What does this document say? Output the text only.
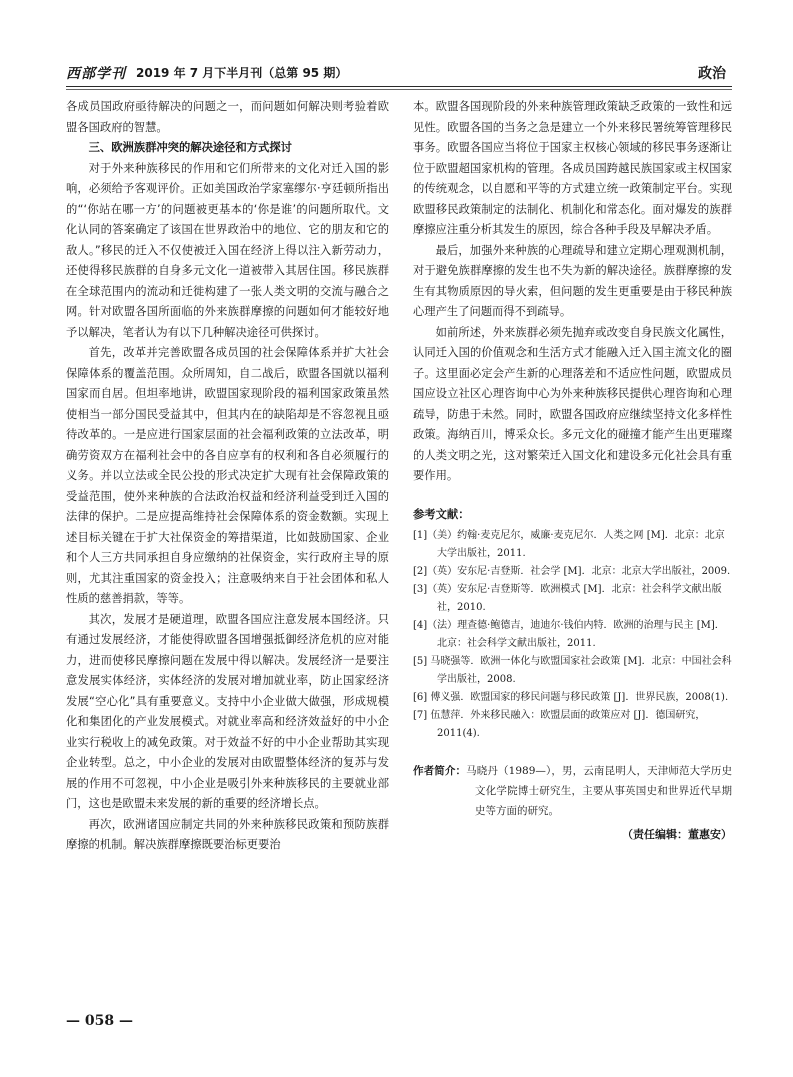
西部学刊 2019 年 7 月下半月刊（总第 95 期）	政治

各成员国政府亟待解决的问题之一，而问题如何解决则考验着欧盟各国政府的智慧。

三、欧洲族群冲突的解决途径和方式探讨

对于外来种族移民的作用和它们所带来的文化对迁入国的影响，必须给予客观评价。正如美国政治学家塞缪尔·亨廷顿所指出的“‘你站在哪一方’的问题被更基本的‘你是谁’的问题所取代。文化认同的答案确定了该国在世界政治中的地位、它的朋友和它的敌人。”移民的迁入不仅使被迁入国在经济上得以注入新劳动力，还使得移民族群的自身多元文化一道被带入其居住国。移民族群在全球范围内的流动和迁徙构建了一张人类文明的交流与融合之网。针对欧盟各国所面临的外来族群摩擦的问题如何才能较好地予以解决，笔者认为有以下几种解决途径可供探讨。

首先，改革并完善欧盟各成员国的社会保障体系并扩大社会保障体系的覆盖范围。众所周知，自二战后，欧盟各国就以福利国家而自居。但坦率地讲，欧盟国家现阶段的福利国家政策虽然使相当一部分国民受益其中，但其内在的缺陷却是不容忽视且亟待改革的。一是应进行国家层面的社会福利政策的立法改革，明确劳资双方在福利社会中的各自应享有的权利和各自必须履行的义务。并以立法或全民公投的形式决定扩大现有社会保障政策的受益范围，使外来种族的合法政治权益和经济利益受到迁入国的法律的保护。二是应提高维持社会保障体系的资金数额。实现上述目标关键在于扩大社保资金的筹措渠道，比如鼓励国家、企业和个人三方共同承担自身应缴纳的社保资金，实行政府主导的原则，尤其注重国家的资金投入；注意吸纳来自于社会团体和私人性质的慈善捐款，等等。

其次，发展才是硬道理，欧盟各国应注意发展本国经济。只有通过发展经济，才能使得欧盟各国增强抵御经济危机的应对能力，进而使移民摩擦问题在发展中得以解决。发展经济一是要注意发展实体经济，实体经济的发展对增加就业率，防止国家经济发展“空心化”具有重要意义。支持中小企业做大做强，形成规模化和集团化的产业发展模式。对就业率高和经济效益好的中小企业实行税收上的减免政策。对于效益不好的中小企业帮助其实现企业转型。总之，中小企业的发展对由欧盟整体经济的复苏与发展的作用不可忽视，中小企业是吸引外来种族移民的主要就业部门，这也是欧盟未来发展的新的重要的经济增长点。

再次，欧洲诸国应制定共同的外来种族移民政策和预防族群摩擦的机制。解决族群摩擦既要治标更要治

本。欧盟各国现阶段的外来种族管理政策缺乏政策的一致性和远见性。欧盟各国的当务之急是建立一个外来移民署统筹管理移民事务。欧盟各国应当将位于国家主权核心领域的移民事务逐渐让位于欧盟超国家机构的管理。各成员国跨越民族国家或主权国家的传统观念，以自愿和平等的方式建立统一政策制定平台。实现欧盟移民政策制定的法制化、机制化和常态化。面对爆发的族群摩擦应注重分析其发生的原因，综合各种手段及早解决矛盾。

最后，加强外来种族的心理疏导和建立定期心理观测机制，对于避免族群摩擦的发生也不失为新的解决途径。族群摩擦的发生有其物质原因的导火索，但问题的发生更重要是由于移民种族心理产生了问题而得不到疏导。

如前所述，外来族群必须先抛弃或改变自身民族文化属性，认同迁入国的价值观念和生活方式才能融入迁入国主流文化的圈子。这里面必定会产生新的心理落差和不适应性问题，欧盟成员国应设立社区心理咨询中心为外来种族移民提供心理咨询和心理疏导，防患于未然。同时，欧盟各国政府应继续坚持文化多样性政策。海纳百川，博采众长。多元文化的碰撞才能产生出更璀璨的人类文明之光，这对繁荣迁入国文化和建设多元化社会具有重要作用。

参考文献：
[1]（美）约翰·麦克尼尔，威廉·麦克尼尔．人类之网 [M]．北京：北京大学出版社，2011.
[2]（英）安东尼·吉登斯．社会学 [M]．北京：北京大学出版社，2009.
[3]（英）安东尼·吉登斯等．欧洲模式 [M]．北京：社会科学文献出版社，2010.
[4]（法）理查德·鲍德吉，迪迪尔·钱伯内特．欧洲的治理与民主 [M]．北京：社会科学文献出版社，2011.
[5] 马晓强等．欧洲一体化与欧盟国家社会政策 [M]．北京：中国社会科学出版社，2008.
[6] 傅义强．欧盟国家的移民问题与移民政策 [J]．世界民族，2008(1).
[7] 伍慧萍．外来移民融入：欧盟层面的政策应对 [J]．德国研究，2011(4).
作者简介：马晓丹（1989—），男，云南昆明人，天津师范大学历史文化学院博士研究生，主要从事英国史和世界近代早期史等方面的研究。
（责任编辑：董惠安）
— 058 —
